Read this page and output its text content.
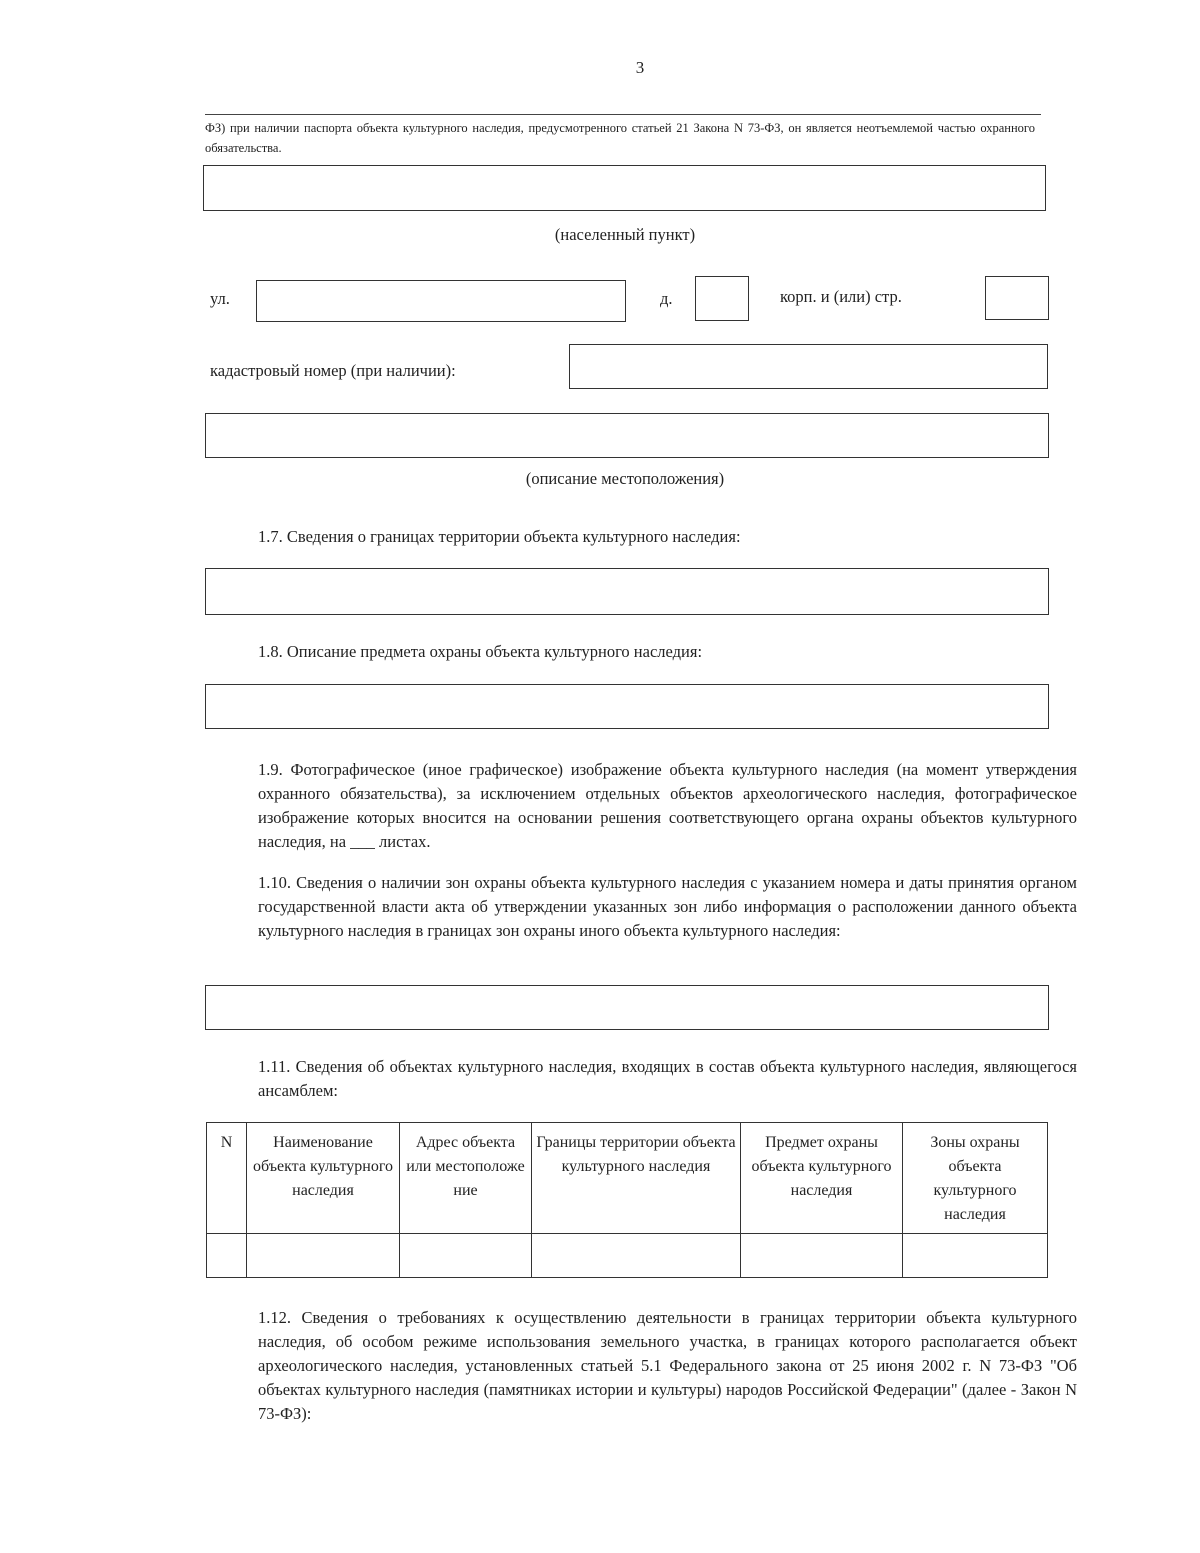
3
ФЗ) при наличии паспорта объекта культурного наследия, предусмотренного статьей 21 Закона N 73-ФЗ, он является неотъемлемой частью охранного обязательства.
(населенный пункт)
ул.	д.	корп. и (или) стр.
кадастровый номер (при наличии):
(описание местоположения)
1.7. Сведения о границах территории объекта культурного наследия:
1.8. Описание предмета охраны объекта культурного наследия:
1.9. Фотографическое (иное графическое) изображение объекта культурного наследия (на момент утверждения охранного обязательства), за исключением отдельных объектов археологического наследия, фотографическое изображение которых вносится на основании решения соответствующего органа охраны объектов культурного наследия, на ___ листах.
1.10. Сведения о наличии зон охраны объекта культурного наследия с указанием номера и даты принятия органом государственной власти акта об утверждении указанных зон либо информация о расположении данного объекта культурного наследия в границах зон охраны иного объекта культурного наследия:
1.11. Сведения об объектах культурного наследия, входящих в состав объекта культурного наследия, являющегося ансамблем:
N	Наименование объекта культурного наследия	Адрес объекта или местоположе ние	Границы территории объекта культурного наследия	Предмет охраны объекта культурного наследия	Зоны охраны объекта культурного наследия

1.12. Сведения о требованиях к осуществлению деятельности в границах территории объекта культурного наследия, об особом режиме использования земельного участка, в границах которого располагается объект археологического наследия, установленных статьей 5.1 Федерального закона от 25 июня 2002 г. N 73-ФЗ "Об объектах культурного наследия (памятниках истории и культуры) народов Российской Федерации" (далее - Закон N 73-ФЗ):
